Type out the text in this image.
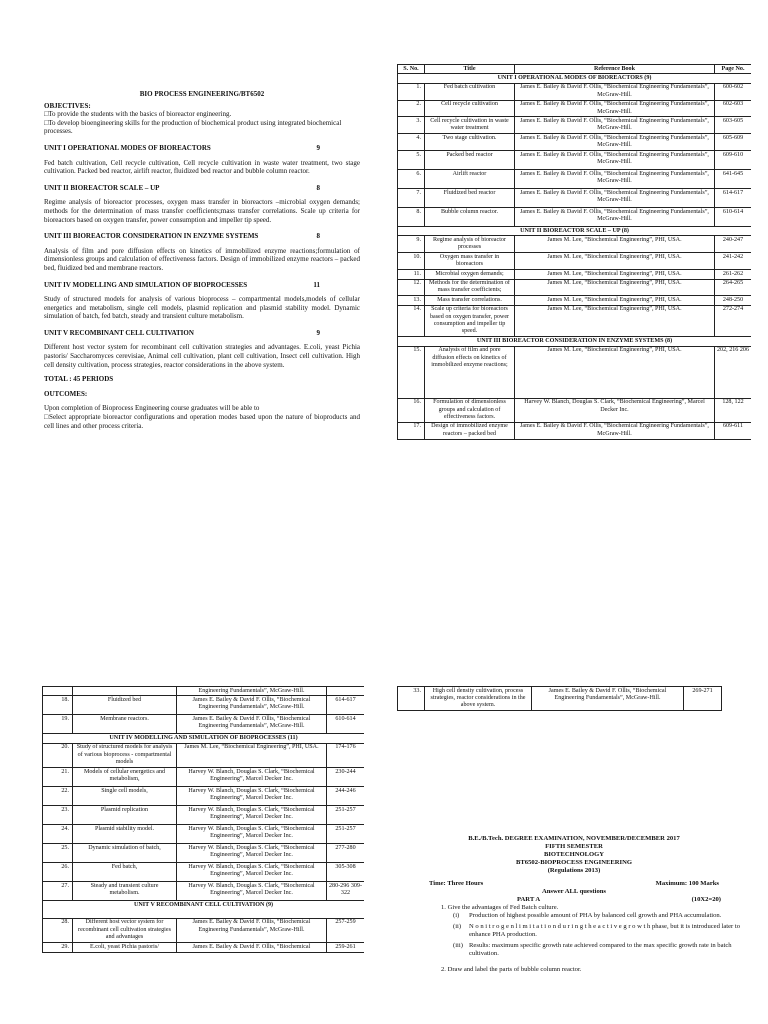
BIO PROCESS ENGINEERING/BT6502

OBJECTIVES:

□To provide the students with the basics of bioreactor engineering.

□To develop bioengineering skills for the production of biochemical product using integrated biochemical processes.

UNIT I OPERATIONAL MODES OF BIOREACTORS	9

Fed batch cultivation, Cell recycle cultivation, Cell recycle cultivation in waste water treatment, two stage cultivation. Packed bed reactor, airlift reactor, fluidized bed reactor and bubble column reactor.

UNIT II BIOREACTOR SCALE – UP	8

Regime analysis of bioreactor processes, oxygen mass transfer in bioreactors –microbial oxygen demands; methods for the determination of mass transfer coefficients;mass transfer correlations. Scale up criteria for bioreactors based on oxygen transfer, power consumption and impeller tip speed.

UNIT III BIOREACTOR CONSIDERATION IN ENZYME SYSTEMS	8

Analysis of film and pore diffusion effects on kinetics of immobilized enzyme reactions;formulation of dimensionless groups and calculation of effectiveness factors. Design of immobilized enzyme reactors – packed bed, fluidized bed and membrane reactors.

UNIT IV MODELLING AND SIMULATION OF BIOPROCESSES	11

Study of structured models for analysis of various bioprocess – compartmental models,models of cellular energetics and metabolism, single cell models, plasmid replication and plasmid stability model. Dynamic simulation of batch, fed batch, steady and transient culture metabolism.

UNIT V RECOMBINANT CELL CULTIVATION	9

Different host vector system for recombinant cell cultivation strategies and advantages. E.coli, yeast Pichia pastoris/ Saccharomyces cerevisiae, Animal cell cultivation, plant cell cultivation, Insect cell cultivation. High cell density cultivation, process strategies, reactor considerations in the above system.

TOTAL : 45 PERIODS

OUTCOMES:

Upon completion of Bioprocess Engineering course graduates will be able to

□Select appropriate bioreactor configurations and operation modes based upon the nature of bioproducts and cell lines and other process criteria.

S. No.	Title	Reference Book	Page No.
UNIT I OPERATIONAL MODES OF BIOREACTORS (9)			
1.	Fed batch cultivation	James E. Bailey & David F. Ollis, “Biochemical Engineering Fundamentals”, McGraw-Hill.	600-602
2.	Cell recycle cultivation	James E. Bailey & David F. Ollis, “Biochemical Engineering Fundamentals”, McGraw-Hill.	602-603
3.	Cell recycle cultivation in waste water treatment	James E. Bailey & David F. Ollis, “Biochemical Engineering Fundamentals”, McGraw-Hill.	603-605
4.	Two stage cultivation.	James E. Bailey & David F. Ollis, “Biochemical Engineering Fundamentals”, McGraw-Hill.	605-609
5.	Packed bed reactor	James E. Bailey & David F. Ollis, “Biochemical Engineering Fundamentals”, McGraw-Hill.	609-610
6.	Airlift reactor	James E. Bailey & David F. Ollis, “Biochemical Engineering Fundamentals”, McGraw-Hill.	641-645
7.	Fluidized bed reactor	James E. Bailey & David F. Ollis, “Biochemical Engineering Fundamentals”, McGraw-Hill.	614-617
8.	Bubble column reactor.	James E. Bailey & David F. Ollis, “Biochemical Engineering Fundamentals”, McGraw-Hill.	610-614
UNIT II BIOREACTOR SCALE – UP (8)			
9.	Regime analysis of bioreactor processes	James M. Lee, “Biochemical Engineering”, PHI, USA.	240-247
10.	Oxygen mass transfer in bioreactors	James M. Lee, “Biochemical Engineering”, PHI, USA.	241-242
11.	Microbial oxygen demands;	James M. Lee, “Biochemical Engineering”, PHI, USA.	261-262
12.	Methods for the determination of mass transfer coefficients;	James M. Lee, “Biochemical Engineering”, PHI, USA.	264-265
13.	Mass transfer correlations.	James M. Lee, “Biochemical Engineering”, PHI, USA.	248-250
14.	Scale up criteria for bioreactors based on oxygen transfer, power consumption and impeller tip speed.	James M. Lee, “Biochemical Engineering”, PHI, USA.	272-274
UNIT III BIOREACTOR CONSIDERATION IN ENZYME SYSTEMS (8)			
15.	Analysis of film and pore diffusion effects on kinetics of immobilized enzyme reactions;	James M. Lee, “Biochemical Engineering”, PHI, USA.	202, 216 206
16.	Formulation of dimensionless groups and calculation of effectiveness factors.	Harvey W. Blanch, Douglas S. Clark, “Biochemical Engineering”, Marcel Decker Inc.	128, 122
17.	Design of immobilized enzyme reactors – packed bed	James E. Bailey & David F. Ollis, “Biochemical Engineering Fundamentals”, McGraw-Hill.	609-611
		Engineering Fundamentals”, McGraw-Hill.	
18.	Fluidized bed	James E. Bailey & David F. Ollis, “Biochemical Engineering Fundamentals”, McGraw-Hill.	614-617
19.	Membrane reactors.	James E. Bailey & David F. Ollis, “Biochemical Engineering Fundamentals”, McGraw-Hill.	610-614
UNIT IV MODELLING AND SIMULATION OF BIOPROCESSES (11)			
20.	Study of structured models for analysis of various bioprocess - compartmental models	James M. Lee, “Biochemical Engineering”, PHI, USA.	174-176
21.	Models of cellular energetics and metabolism,	Harvey W. Blanch, Douglas S. Clark, “Biochemical Engineering”, Marcel Decker Inc.	230-244
22.	Single cell models,	Harvey W. Blanch, Douglas S. Clark, “Biochemical Engineering”, Marcel Decker Inc.	244-246
23.	Plasmid replication	Harvey W. Blanch, Douglas S. Clark, “Biochemical Engineering”, Marcel Decker Inc.	251-257
24.	Plasmid stability model.	Harvey W. Blanch, Douglas S. Clark, “Biochemical Engineering”, Marcel Decker Inc.	251-257
25.	Dynamic simulation of batch,	Harvey W. Blanch, Douglas S. Clark, “Biochemical Engineering”, Marcel Decker Inc.	277-280
26.	Fed batch,	Harvey W. Blanch, Douglas S. Clark, “Biochemical Engineering”, Marcel Decker Inc.	305-308
27.	Steady and transient culture metabolism.	Harvey W. Blanch, Douglas S. Clark, “Biochemical Engineering”, Marcel Decker Inc.	280-296 309-322
UNIT V RECOMBINANT CELL CULTIVATION (9)			
28.	Different host vector system for recombinant cell cultivation strategies and advantages	James E. Bailey & David F. Ollis, “Biochemical Engineering Fundamentals”, McGraw-Hill.	257-259
29.	E.coli, yeast Pichia pastoris/	James E. Bailey & David F. Ollis, “Biochemical	259-261
33.	High cell density cultivation, process strategies, reactor considerations in the above system.	James E. Bailey & David F. Ollis, “Biochemical Engineering Fundamentals”, McGraw-Hill.	269-271
B.E./B.Tech. DEGREE EXAMINATION, NOVEMBER/DECEMBER 2017
FIFTH SEMESTER
BIOTECHNOLOGY
BT6502-BIOPROCESS ENGINEERING
(Regulations 2013)
Time: Three Hours	Maximum: 100 Marks
Answer ALL questions
PART A	(10X2=20)
1. Give the advantages of Fed Batch culture.
(i)	Production of highest possible amount of PHA by balanced cell growth and PHA accumulation.
(ii)	N o n i t r o g e n l i m i t a t i o n d u r i n g t h e a c t i v e g r o w t h phase, but it is introduced later to enhance PHA production.
(iii) Results: maximum specific growth rate achieved compared to the max specific growth rate in batch cultivation.
2. Draw and label the parts of bubble column reactor.
